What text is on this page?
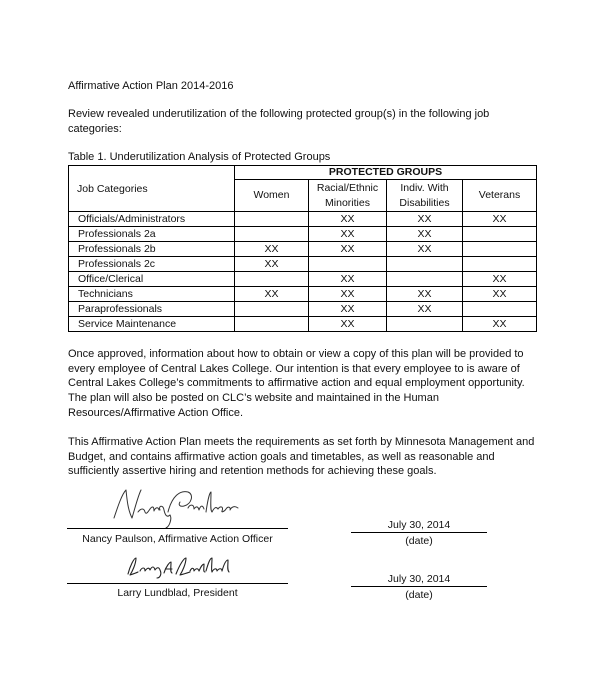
Affirmative Action Plan 2014-2016
Review revealed underutilization of the following protected group(s) in the following job categories:
Table 1. Underutilization Analysis of Protected Groups
Job Categories	PROTECTED GROUPS			
	Women	Racial/Ethnic Minorities	Indiv. With Disabilities	Veterans
Officials/Administrators		XX	XX	XX
Professionals 2a		XX	XX	
Professionals 2b	XX	XX	XX	
Professionals 2c	XX			
Office/Clerical		XX		XX
Technicians	XX	XX	XX	XX
Paraprofessionals		XX	XX	
Service Maintenance		XX		XX
Once approved, information about how to obtain or view a copy of this plan will be provided to every employee of Central Lakes College. Our intention is that every employee to is aware of Central Lakes College’s commitments to affirmative action and equal employment opportunity. The plan will also be posted on CLC’s website and maintained in the Human Resources/Affirmative Action Office.
This Affirmative Action Plan meets the requirements as set forth by Minnesota Management and Budget, and contains affirmative action goals and timetables, as well as reasonable and sufficiently assertive hiring and retention methods for achieving these goals.
Nancy Paulson, Affirmative Action Officer
July 30, 2014
(date)
Larry Lundblad, President
July 30, 2014
(date)
